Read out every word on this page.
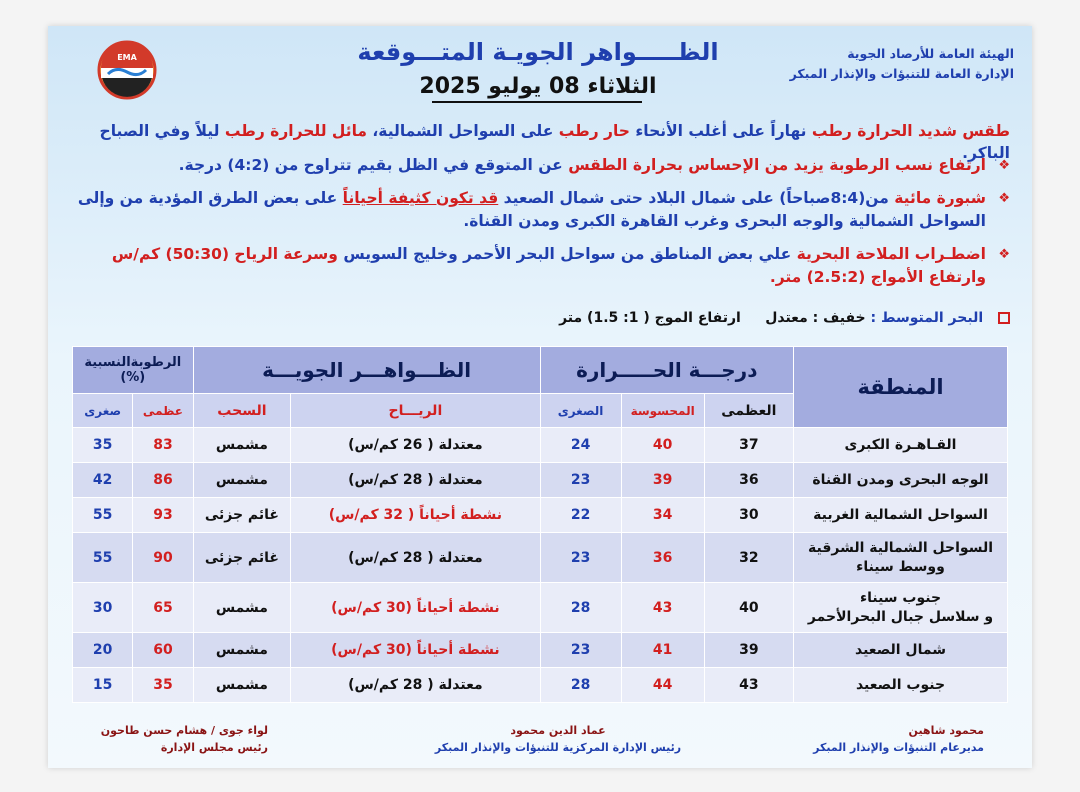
EMA	الظـــــواهر الجويـة المتـــوقعة
الثلاثاء 08 يوليو 2025
الهيئة العامة للأرصاد الجوية
الإدارة العامة للتنبؤات والإنذار المبكر
طقس شديد الحرارة رطب نهاراً على أغلب الأنحاء حار رطب على السواحل الشمالية، مائل للحرارة رطب ليلاً وفي الصباح الباكر.
❖
ارتفاع نسب الرطوبة يزيد من الإحساس بحرارة الطقس عن المتوقع في الظل بقيم تتراوح من (4:2) درجة.
❖
شبورة مائية من(8:4صباحاً) على شمال البلاد حتى شمال الصعيد قد تكون كثيفة أحياناً على بعض الطرق المؤدية من وإلى السواحل الشمالية والوجه البحرى وغرب القاهرة الكبرى ومدن القناة.
❖
اضطـراب الملاحة البحرية علي بعض المناطق من سواحل البحر الأحمر وخليج السويس وسرعة الرياح (50:30) كم/س وارتفاع الأمواج (2.5:2) متر.
البحر المتوسط : خفيف : معتدل     ارتفاع الموج ( 1: 1.5) متر
المنطقة	درجـــة الحـــــرارة			الظـــواهـــر الجويـــة		الرطوبةالنسبية (%)	
	العظمى	المحسوسة	الصغرى	الريـــاح	السحب	عظمى	صغرى
القـاهـرة الكبرى	37	40	24	معتدلة ( 26 كم/س)	مشمس	83	35
الوجه البحرى ومدن القناة	36	39	23	معتدلة ( 28 كم/س)	مشمس	86	42
السواحل الشمالية الغربية	30	34	22	نشطة أحياناً ( 32 كم/س)	غائم جزئى	93	55

السواحل الشمالية الشرقية
ووسط سيناء	32	36	23	معتدلة ( 28 كم/س)	غائم جزئى	90	55

جنوب سيناء
و سلاسل جبال البحرالأحمر	40	43	28	نشطة أحياناً (30 كم/س)	مشمس	65	30
شمال الصعيد	39	41	23	نشطة أحياناً (30 كم/س)	مشمس	60	20
جنوب الصعيد	43	44	28	معتدلة ( 28 كم/س)	مشمس	35	15
محمود شاهين
مديرعام التنبؤات والإنذار المبكر
عماد الدين محمود
رئيس الإدارة المركزية للتنبؤات والإنذار المبكر
لواء جوى / هشام حسن طاحون
رئيس مجلس الإدارة
